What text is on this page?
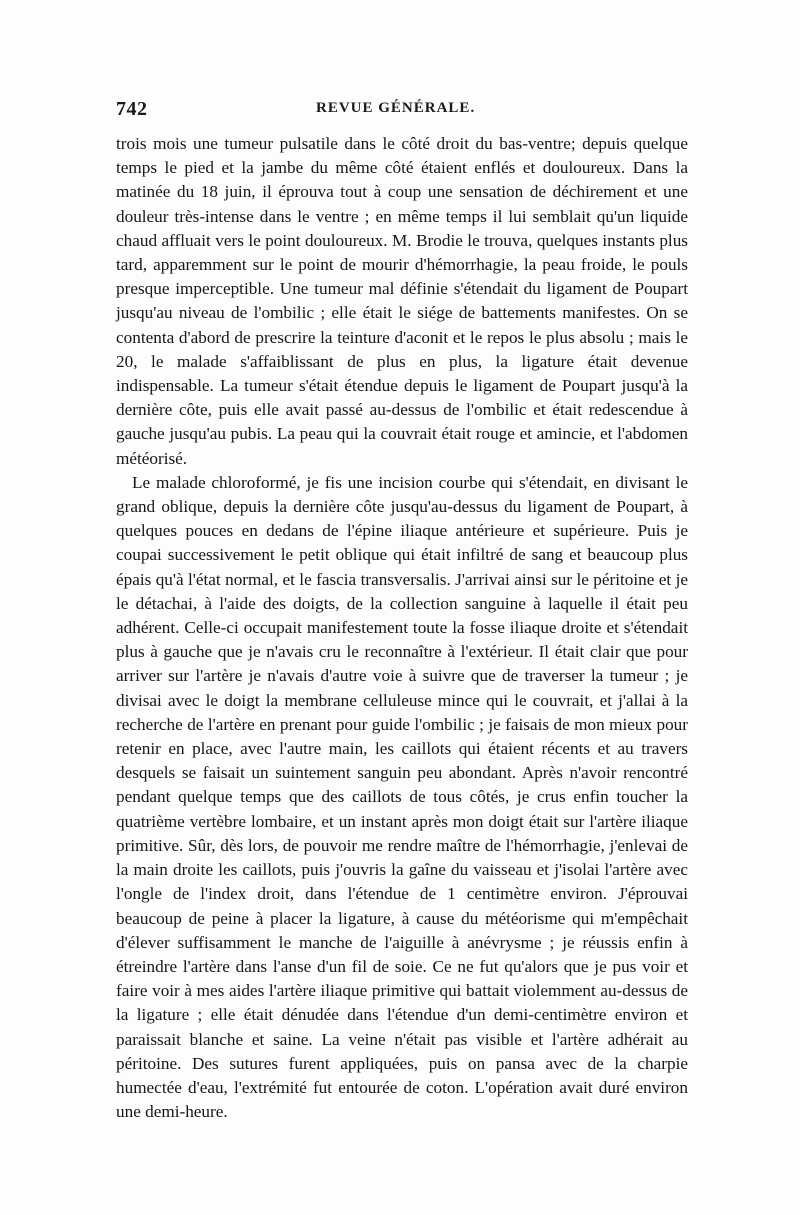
742	REVUE GÉNÉRALE.

trois mois une tumeur pulsatile dans le côté droit du bas-ventre; depuis quelque temps le pied et la jambe du même côté étaient enflés et douloureux. Dans la matinée du 18 juin, il éprouva tout à coup une sensation de déchirement et une douleur très-intense dans le ventre ; en même temps il lui semblait qu'un liquide chaud affluait vers le point douloureux. M. Brodie le trouva, quelques instants plus tard, apparemment sur le point de mourir d'hémorrhagie, la peau froide, le pouls presque imperceptible. Une tumeur mal définie s'étendait du ligament de Poupart jusqu'au niveau de l'ombilic ; elle était le siége de battements manifestes. On se contenta d'abord de prescrire la teinture d'aconit et le repos le plus absolu ; mais le 20, le malade s'affaiblissant de plus en plus, la ligature était devenue indispensable. La tumeur s'était étendue depuis le ligament de Poupart jusqu'à la dernière côte, puis elle avait passé au-dessus de l'ombilic et était redescendue à gauche jusqu'au pubis. La peau qui la couvrait était rouge et amincie, et l'abdomen météorisé.

Le malade chloroformé, je fis une incision courbe qui s'étendait, en divisant le grand oblique, depuis la dernière côte jusqu'au-dessus du ligament de Poupart, à quelques pouces en dedans de l'épine iliaque antérieure et supérieure. Puis je coupai successivement le petit oblique qui était infiltré de sang et beaucoup plus épais qu'à l'état normal, et le fascia transversalis. J'arrivai ainsi sur le péritoine et je le détachai, à l'aide des doigts, de la collection sanguine à laquelle il était peu adhérent. Celle-ci occupait manifestement toute la fosse iliaque droite et s'étendait plus à gauche que je n'avais cru le reconnaître à l'extérieur. Il était clair que pour arriver sur l'artère je n'avais d'autre voie à suivre que de traverser la tumeur ; je divisai avec le doigt la membrane celluleuse mince qui le couvrait, et j'allai à la recherche de l'artère en prenant pour guide l'ombilic ; je faisais de mon mieux pour retenir en place, avec l'autre main, les caillots qui étaient récents et au travers desquels se faisait un suintement sanguin peu abondant. Après n'avoir rencontré pendant quelque temps que des caillots de tous côtés, je crus enfin toucher la quatrième vertèbre lombaire, et un instant après mon doigt était sur l'artère iliaque primitive. Sûr, dès lors, de pouvoir me rendre maître de l'hémorrhagie, j'enlevai de la main droite les caillots, puis j'ouvris la gaîne du vaisseau et j'isolai l'artère avec l'ongle de l'index droit, dans l'étendue de 1 centimètre environ. J'éprouvai beaucoup de peine à placer la ligature, à cause du météorisme qui m'empêchait d'élever suffisamment le manche de l'aiguille à anévrysme ; je réussis enfin à étreindre l'artère dans l'anse d'un fil de soie. Ce ne fut qu'alors que je pus voir et faire voir à mes aides l'artère iliaque primitive qui battait violemment au-dessus de la ligature ; elle était dénudée dans l'étendue d'un demi-centimètre environ et paraissait blanche et saine. La veine n'était pas visible et l'artère adhérait au péritoine. Des sutures furent appliquées, puis on pansa avec de la charpie humectée d'eau, l'extrémité fut entourée de coton. L'opération avait duré environ une demi-heure.
